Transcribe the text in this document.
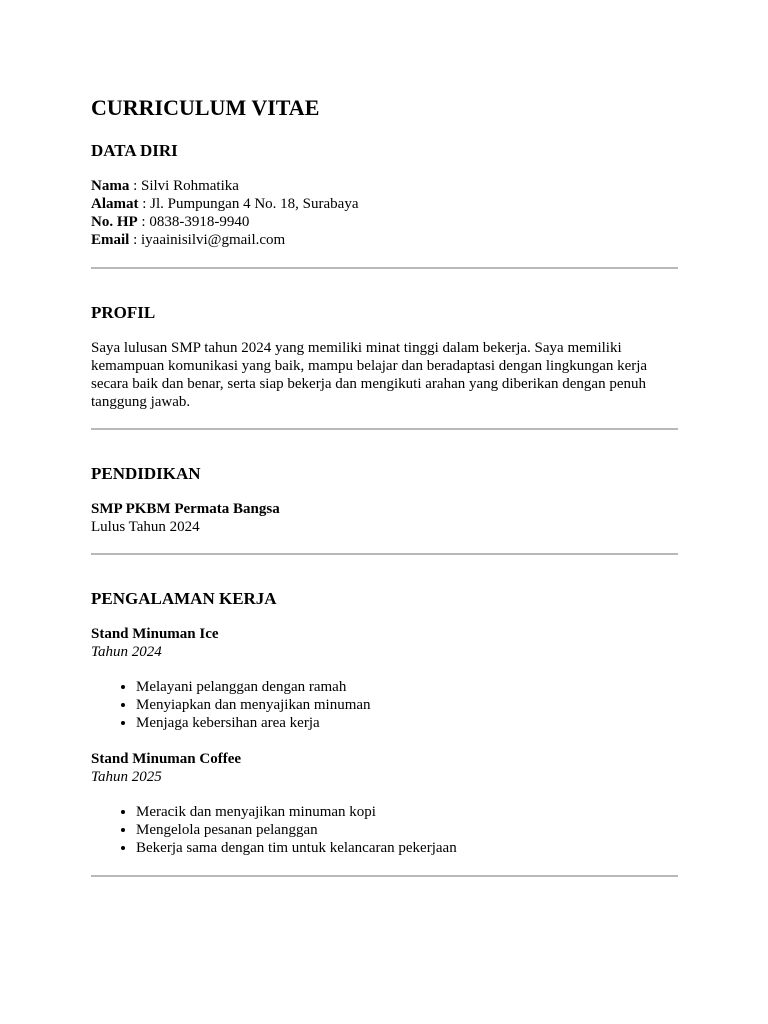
CURRICULUM VITAE
DATA DIRI

Nama : Silvi Rohmatika

Alamat : Jl. Pumpungan 4 No. 18, Surabaya

No. HP : 0838-3918-9940

Email : iyaainisilvi@gmail.com

PROFIL

Saya lulusan SMP tahun 2024 yang memiliki minat tinggi dalam bekerja. Saya memiliki kemampuan komunikasi yang baik, mampu belajar dan beradaptasi dengan lingkungan kerja secara baik dan benar, serta siap bekerja dan mengikuti arahan yang diberikan dengan penuh tanggung jawab.

PENDIDIKAN

SMP PKBM Permata Bangsa

Lulus Tahun 2024

PENGALAMAN KERJA

Stand Minuman Ice

Tahun 2024

• Melayani pelanggan dengan ramah
• Menyiapkan dan menyajikan minuman
• Menjaga kebersihan area kerja

Stand Minuman Coffee

Tahun 2025

• Meracik dan menyajikan minuman kopi
• Mengelola pesanan pelanggan
• Bekerja sama dengan tim untuk kelancaran pekerjaan
